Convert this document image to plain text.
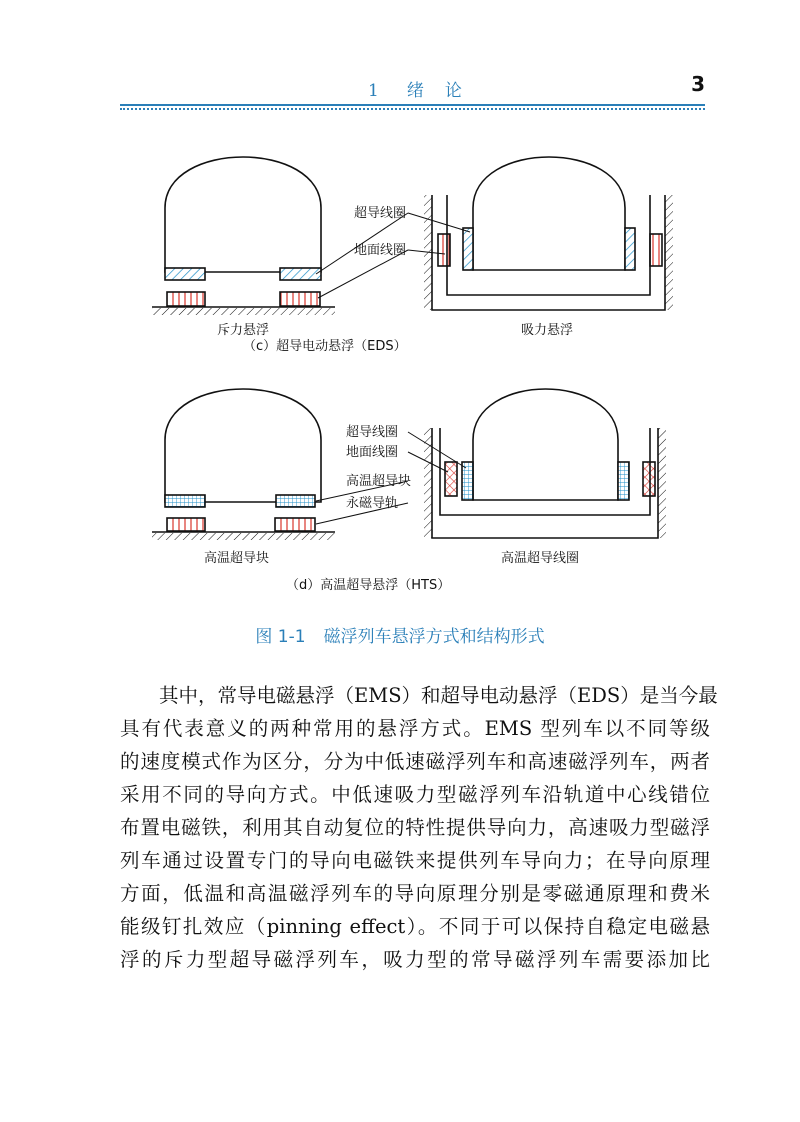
1 绪　论	3
超导线圈
地面线圈
斥力悬浮	吸力悬浮
（c）超导电动悬浮（EDS）
超导线圈
地面线圈
高温超导块
永磁导轨
高温超导块	高温超导线圈
（d）高温超导悬浮（HTS）
图 1-1 磁浮列车悬浮方式和结构形式
其中，常导电磁悬浮（EMS）和超导电动悬浮（EDS）是当今最
具有代表意义的两种常用的悬浮方式。EMS 型列车以不同等级
的速度模式作为区分，分为中低速磁浮列车和高速磁浮列车，两者
采用不同的导向方式。中低速吸力型磁浮列车沿轨道中心线错位
布置电磁铁，利用其自动复位的特性提供导向力，高速吸力型磁浮
列车通过设置专门的导向电磁铁来提供列车导向力；在导向原理
方面，低温和高温磁浮列车的导向原理分别是零磁通原理和费米
能级钉扎效应（pinning effect）。不同于可以保持自稳定电磁悬
浮的斥力型超导磁浮列车，吸力型的常导磁浮列车需要添加比
